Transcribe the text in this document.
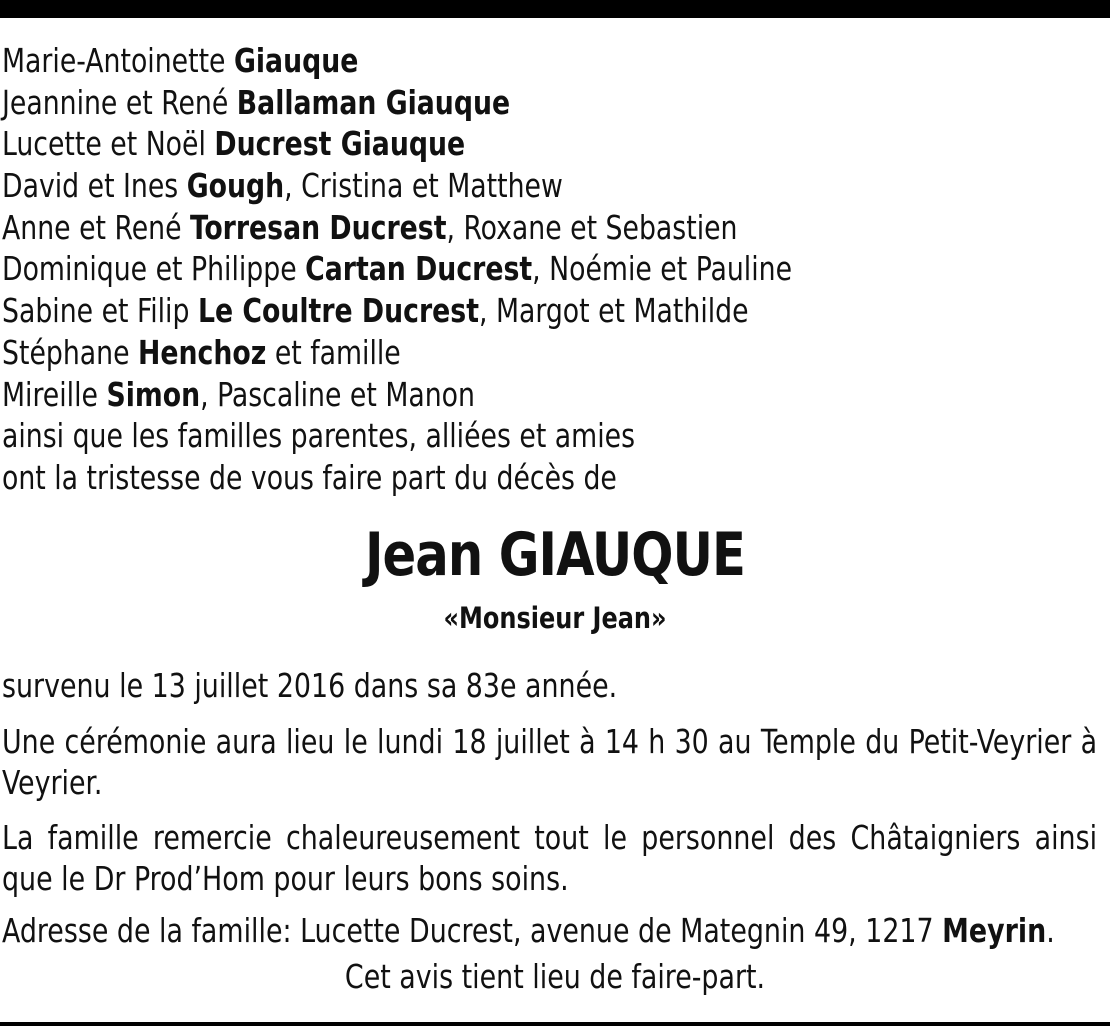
Marie-Antoinette Giauque
Jeannine et René Ballaman Giauque
Lucette et Noël Ducrest Giauque
David et Ines Gough, Cristina et Matthew
Anne et René Torresan Ducrest, Roxane et Sebastien
Dominique et Philippe Cartan Ducrest, Noémie et Pauline
Sabine et Filip Le Coultre Ducrest, Margot et Mathilde
Stéphane Henchoz et famille
Mireille Simon, Pascaline et Manon
ainsi que les familles parentes, alliées et amies
ont la tristesse de vous faire part du décès de
Jean GIAUQUE
«Monsieur Jean»
survenu le 13 juillet 2016 dans sa 83e année.
Une cérémonie aura lieu le lundi 18 juillet à 14 h 30 au Temple du Petit-Veyrier à Veyrier.
La famille remercie chaleureusement tout le personnel des Châtaigniers ainsi que le Dr Prod’Hom pour leurs bons soins.
Adresse de la famille: Lucette Ducrest, avenue de Mategnin 49, 1217 Meyrin.
Cet avis tient lieu de faire-part.
